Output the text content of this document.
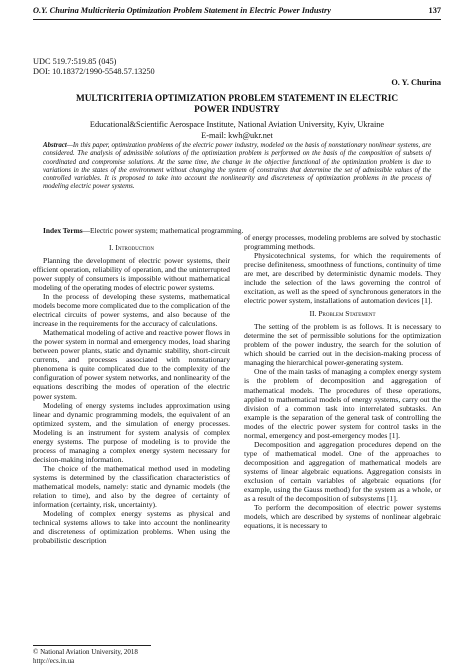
O.Y. Churina Multicriteria Optimization Problem Statement in Electric Power Industry	137
UDC 519.7:519.85 (045)
DOI: 10.18372/1990-5548.57.13250
O. Y. Churina
MULTICRITERIA OPTIMIZATION PROBLEM STATEMENT IN ELECTRIC
POWER INDUSTRY
Educational&Scientific Aerospace Institute, National Aviation University, Kyiv, Ukraine
E-mail: kwh@ukr.net
Abstract—In this paper, optimization problems of the electric power industry, modeled on the basis of nonstationary nonlinear systems, are considered. The analysis of admissible solutions of the optimization problem is performed on the basis of the composition of subsets of coordinated and compromise solutions. At the same time, the change in the objective functional of the optimization problem is due to variations in the states of the environment without changing the system of constraints that determine the set of admissible values of the controlled variables. It is proposed to take into account the nonlinearity and discreteness of optimization problems in the process of modeling electric power systems.
Index Terms—Electric power system; mathematical programming.
I. Introduction

Planning the development of electric power systems, their efficient operation, reliability of operation, and the uninterrupted power supply of consumers is impossible without mathematical modeling of the operating modes of electric power systems.

In the process of developing these systems, mathematical models become more complicated due to the complication of the electrical circuits of power systems, and also because of the increase in the requirements for the accuracy of calculations.

Mathematical modeling of active and reactive power flows in the power system in normal and emergency modes, load sharing between power plants, static and dynamic stability, short-circuit currents, and processes associated with nonstationary phenomena is quite complicated due to the complexity of the configuration of power system networks, and nonlinearity of the equations describing the modes of operation of the electric power system.

Modeling of energy systems includes approximation using linear and dynamic programming models, the equivalent of an optimized system, and the simulation of energy processes. Modeling is an instrument for system analysis of complex energy systems. The purpose of modeling is to provide the process of managing a complex energy system necessary for decision-making information.

The choice of the mathematical method used in modeling systems is determined by the classification characteristics of mathematical models, namely: static and dynamic models (the relation to time), and also by the degree of certainty of information (certainty, risk, uncertainty).

Modeling of complex energy systems as physical and technical systems allows to take into account the nonlinearity and discreteness of optimization problems. When using the probabilistic description

of energy processes, modeling problems are solved by stochastic programming methods.

Physicotechnical systems, for which the requirements of precise definiteness, smoothness of functions, continuity of time are met, are described by deterministic dynamic models. They include the selection of the laws governing the control of excitation, as well as the speed of synchronous generators in the electric power system, installations of automation devices [1].

II. Problem Statement

The setting of the problem is as follows. It is necessary to determine the set of permissible solutions for the optimization problem of the power industry, the search for the solution of which should be carried out in the decision-making process of managing the hierarchical power-generating system.

One of the main tasks of managing a complex energy system is the problem of decomposition and aggregation of mathematical models. The procedures of these operations, applied to mathematical models of energy systems, carry out the division of a common task into interrelated subtasks. An example is the separation of the general task of controlling the modes of the electric power system for control tasks in the normal, emergency and post-emergency modes [1].

Decomposition and aggregation procedures depend on the type of mathematical model. One of the approaches to decomposition and aggregation of mathematical models are systems of linear algebraic equations. Aggregation consists in exclusion of certain variables of algebraic equations (for example, using the Gauss method) for the system as a whole, or as a result of the decomposition of subsystems [1].

To perform the decomposition of electric power systems models, which are described by systems of nonlinear algebraic equations, it is necessary to

© National Aviation University, 2018
http://ecs.in.ua
